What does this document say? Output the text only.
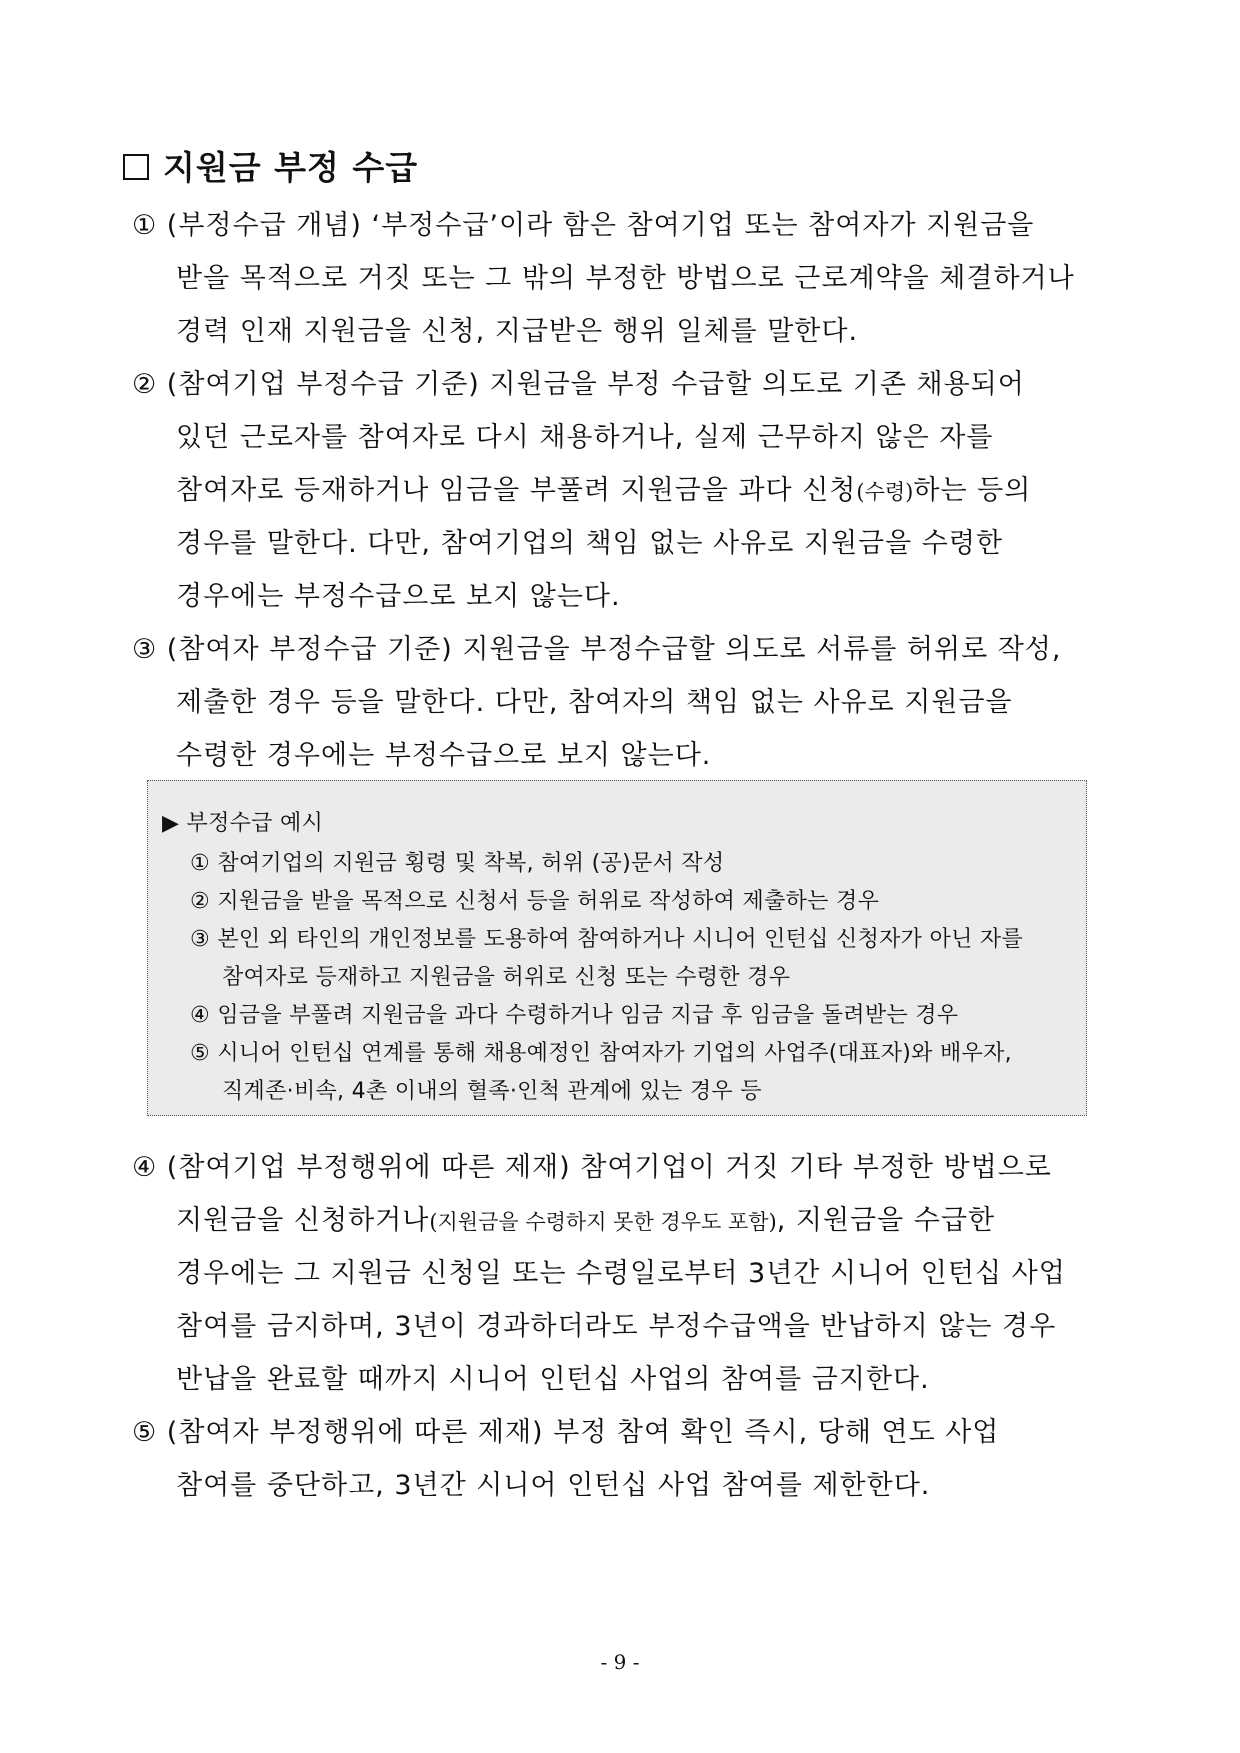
지원금 부정 수급
① (부정수급 개념) ‘부정수급’이라 함은 참여기업 또는 참여자가 지원금을
받을 목적으로 거짓 또는 그 밖의 부정한 방법으로 근로계약을 체결하거나
경력 인재 지원금을 신청, 지급받은 행위 일체를 말한다.
② (참여기업 부정수급 기준) 지원금을 부정 수급할 의도로 기존 채용되어
있던 근로자를 참여자로 다시 채용하거나, 실제 근무하지 않은 자를
참여자로 등재하거나 임금을 부풀려 지원금을 과다 신청(수령)하는 등의
경우를 말한다. 다만, 참여기업의 책임 없는 사유로 지원금을 수령한
경우에는 부정수급으로 보지 않는다.
③ (참여자 부정수급 기준) 지원금을 부정수급할 의도로 서류를 허위로 작성,
제출한 경우 등을 말한다. 다만, 참여자의 책임 없는 사유로 지원금을
수령한 경우에는 부정수급으로 보지 않는다.
▶ 부정수급 예시
① 참여기업의 지원금 횡령 및 착복, 허위 (공)문서 작성
② 지원금을 받을 목적으로 신청서 등을 허위로 작성하여 제출하는 경우
③ 본인 외 타인의 개인정보를 도용하여 참여하거나 시니어 인턴십 신청자가 아닌 자를
참여자로 등재하고 지원금을 허위로 신청 또는 수령한 경우
④ 임금을 부풀려 지원금을 과다 수령하거나 임금 지급 후 임금을 돌려받는 경우
⑤ 시니어 인턴십 연계를 통해 채용예정인 참여자가 기업의 사업주(대표자)와 배우자,
직계존·비속, 4촌 이내의 혈족·인척 관계에 있는 경우 등
④ (참여기업 부정행위에 따른 제재) 참여기업이 거짓 기타 부정한 방법으로
지원금을 신청하거나(지원금을 수령하지 못한 경우도 포함), 지원금을 수급한
경우에는 그 지원금 신청일 또는 수령일로부터 3년간 시니어 인턴십 사업
참여를 금지하며, 3년이 경과하더라도 부정수급액을 반납하지 않는 경우
반납을 완료할 때까지 시니어 인턴십 사업의 참여를 금지한다.
⑤ (참여자 부정행위에 따른 제재) 부정 참여 확인 즉시, 당해 연도 사업
참여를 중단하고, 3년간 시니어 인턴십 사업 참여를 제한한다.
- 9 -
